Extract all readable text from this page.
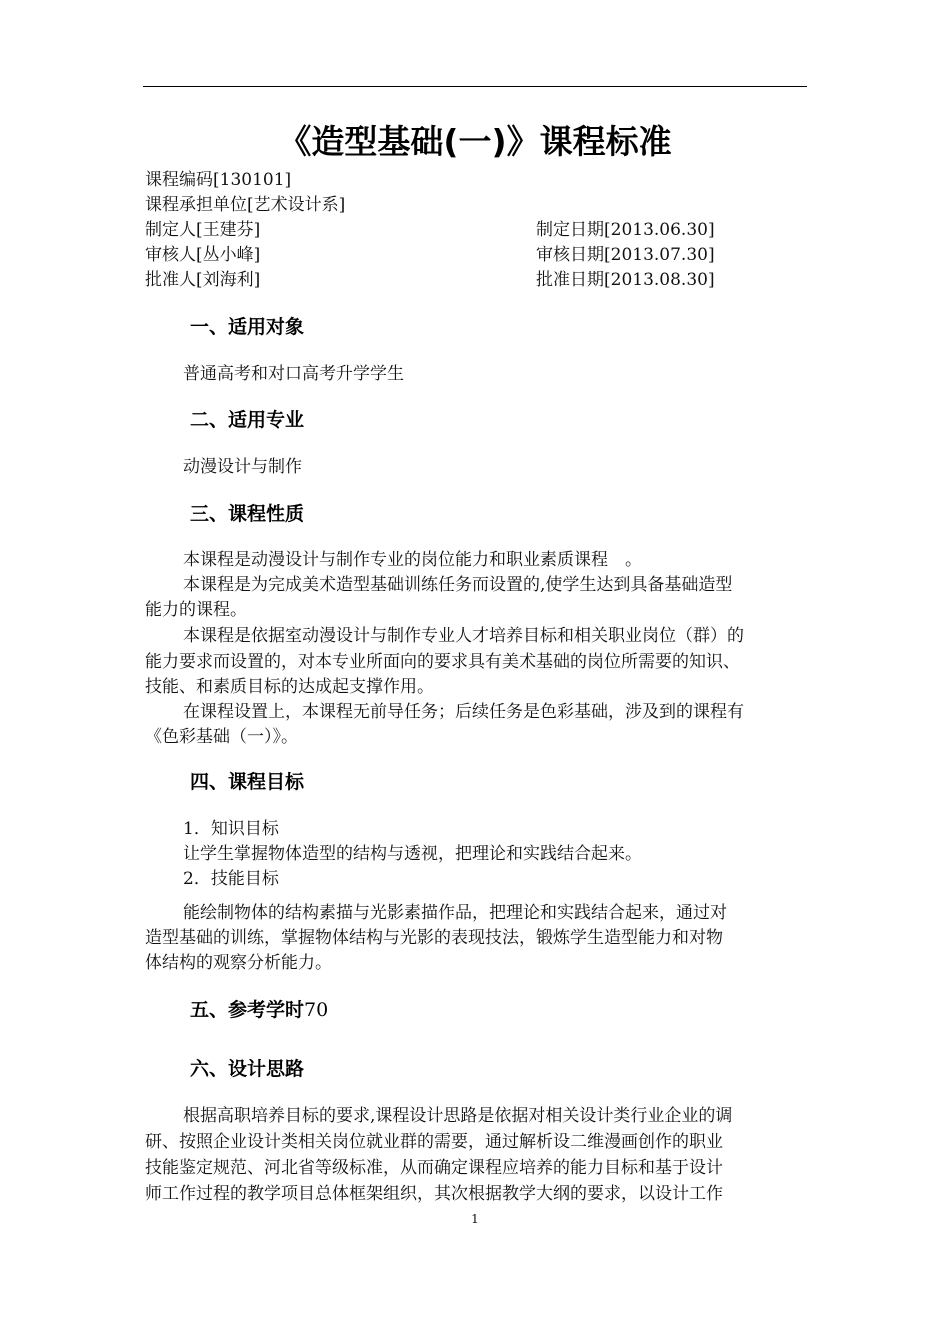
《造型基础(一)》课程标准
课程编码[130101]
课程承担单位[艺术设计系]
制定人[王建芬]	制定日期[2013.06.30]
审核人[丛小峰]	审核日期[2013.07.30]
批准人[刘海利]	批准日期[2013.08.30]
一、适用对象
普通高考和对口高考升学学生
二、适用专业
动漫设计与制作
三、课程性质
本课程是动漫设计与制作专业的岗位能力和职业素质课程　。
本课程是为完成美术造型基础训练任务而设置的,使学生达到具备基础造型
能力的课程。
本课程是依据室动漫设计与制作专业人才培养目标和相关职业岗位（群）的
能力要求而设置的，对本专业所面向的要求具有美术基础的岗位所需要的知识、
技能、和素质目标的达成起支撑作用。
在课程设置上，本课程无前导任务；后续任务是色彩基础，涉及到的课程有
《色彩基础（一）》。
四、课程目标
1．知识目标
让学生掌握物体造型的结构与透视，把理论和实践结合起来。
2．技能目标
能绘制物体的结构素描与光影素描作品，把理论和实践结合起来，通过对
造型基础的训练，掌握物体结构与光影的表现技法，锻炼学生造型能力和对物
体结构的观察分析能力。
五、参考学时70
六、设计思路
根据高职培养目标的要求,课程设计思路是依据对相关设计类行业企业的调
研、按照企业设计类相关岗位就业群的需要，通过解析设二维漫画创作的职业
技能鉴定规范、河北省等级标准，从而确定课程应培养的能力目标和基于设计
师工作过程的教学项目总体框架组织，其次根据教学大纲的要求，以设计工作
1
